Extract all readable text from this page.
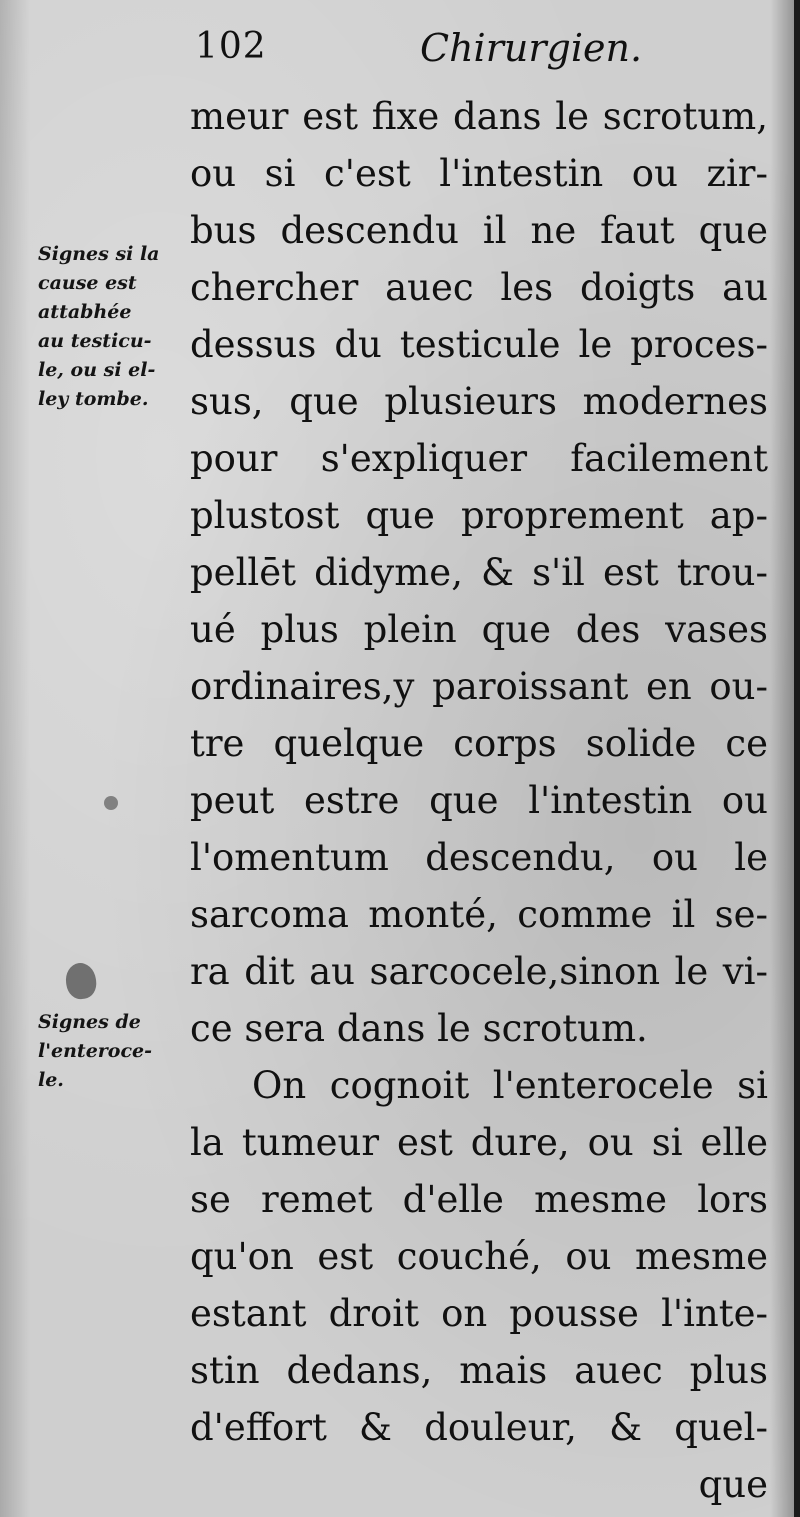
102	Chirurgien.
Signes si la
cause est
attabhée
au testicu-
le, ou si el-
ley tombe.
Signes de
l'enteroce-
le.
meur est fixe dans le scrotum,
ou si c'est l'intestin ou zir-
bus descendu il ne faut que
chercher auec les doigts au
dessus du testicule le proces-
sus, que plusieurs modernes
pour s'expliquer facilement
plustost que proprement ap-
pellēt didyme, & s'il est trou-
ué plus plein que des vases
ordinaires,y paroissant en ou-
tre quelque corps solide ce
peut estre que l'intestin ou
l'omentum descendu, ou le
sarcoma monté, comme il se-
ra dit au sarcocele,sinon le vi-
ce sera dans le scrotum.
On cognoit l'enterocele si
la tumeur est dure, ou si elle
se remet d'elle mesme lors
qu'on est couché, ou mesme
estant droit on pousse l'inte-
stin dedans, mais auec plus
d'effort & douleur, & quel-
que
